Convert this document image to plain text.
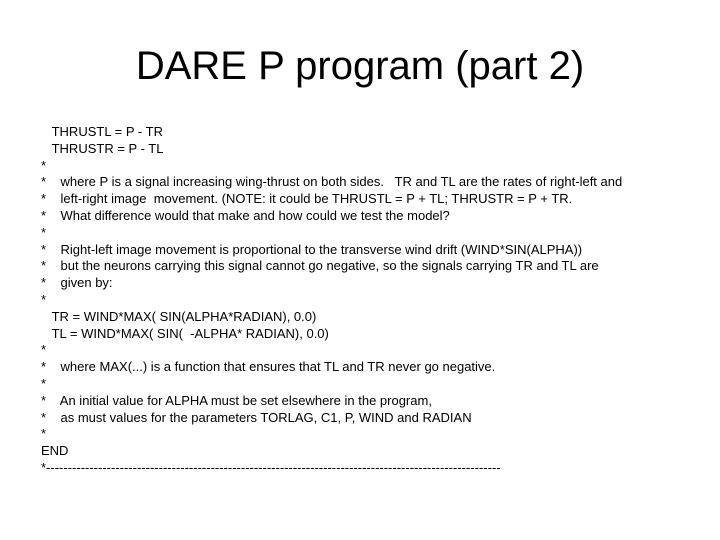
DARE P program (part 2)
THRUSTL = P - TR
THRUSTR = P - TL
*
*    where P is a signal increasing wing-thrust on both sides.   TR and TL are the rates of right-left and
*    left-right image  movement. (NOTE: it could be THRUSTL = P + TL; THRUSTR = P + TR.
*    What difference would that make and how could we test the model?
*
*    Right-left image movement is proportional to the transverse wind drift (WIND*SIN(ALPHA))
*    but the neurons carrying this signal cannot go negative, so the signals carrying TR and TL are
*    given by:
*
TR = WIND*MAX( SIN(ALPHA*RADIAN), 0.0)
TL = WIND*MAX( SIN(  -ALPHA* RADIAN), 0.0)
*
*    where MAX(...) is a function that ensures that TL and TR never go negative.
*
*    An initial value for ALPHA must be set elsewhere in the program,
*    as must values for the parameters TORLAG, C1, P, WIND and RADIAN
*
END
*---------------------------------------------------------------------------------------------------------
